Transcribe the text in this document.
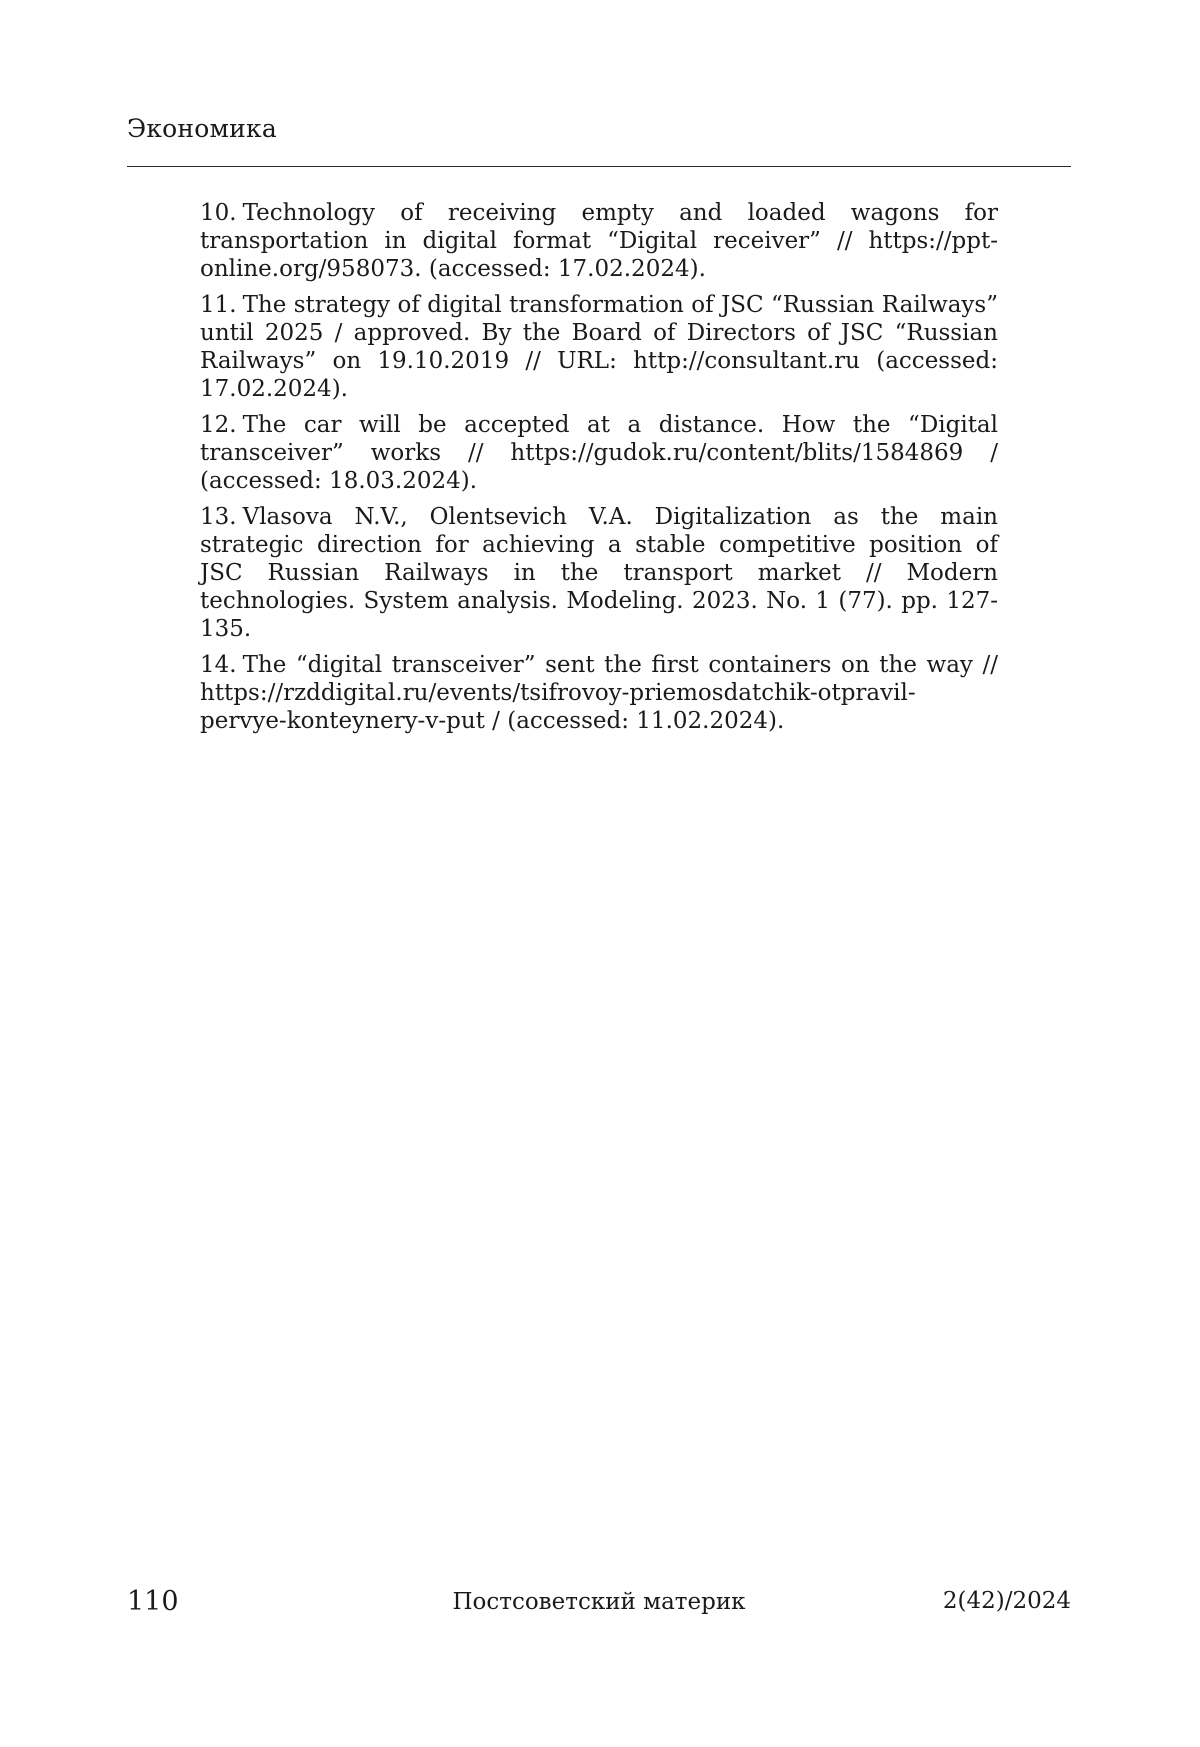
Экономика
10. Technology of receiving empty and loaded wagons for transportation in digital format “Digital receiver” // https://ppt-online.org/958073. (accessed: 17.02.2024).
11. The strategy of digital transformation of JSC “Russian Railways” until 2025 / approved. By the Board of Directors of JSC “Russian Railways” on 19.10.2019 // URL: http://consultant.ru (accessed: 17.02.2024).
12. The car will be accepted at a distance. How the “Digital transceiver” works // https://gudok.ru/content/blits/1584869 / (accessed: 18.03.2024).
13. Vlasova N.V., Olentsevich V.A. Digitalization as the main strategic direction for achieving a stable competitive position of JSC Russian Railways in the transport market // Modern technologies. System analysis. Modeling. 2023. No. 1 (77). pp. 127-135.
14. The “digital transceiver” sent the first containers on the way // https://rzddigital.ru/events/tsifrovoy-priemosdatchik-otpravil-pervye-konteynery-v-put / (accessed: 11.02.2024).
110	Постсоветский материк	2(42)/2024
